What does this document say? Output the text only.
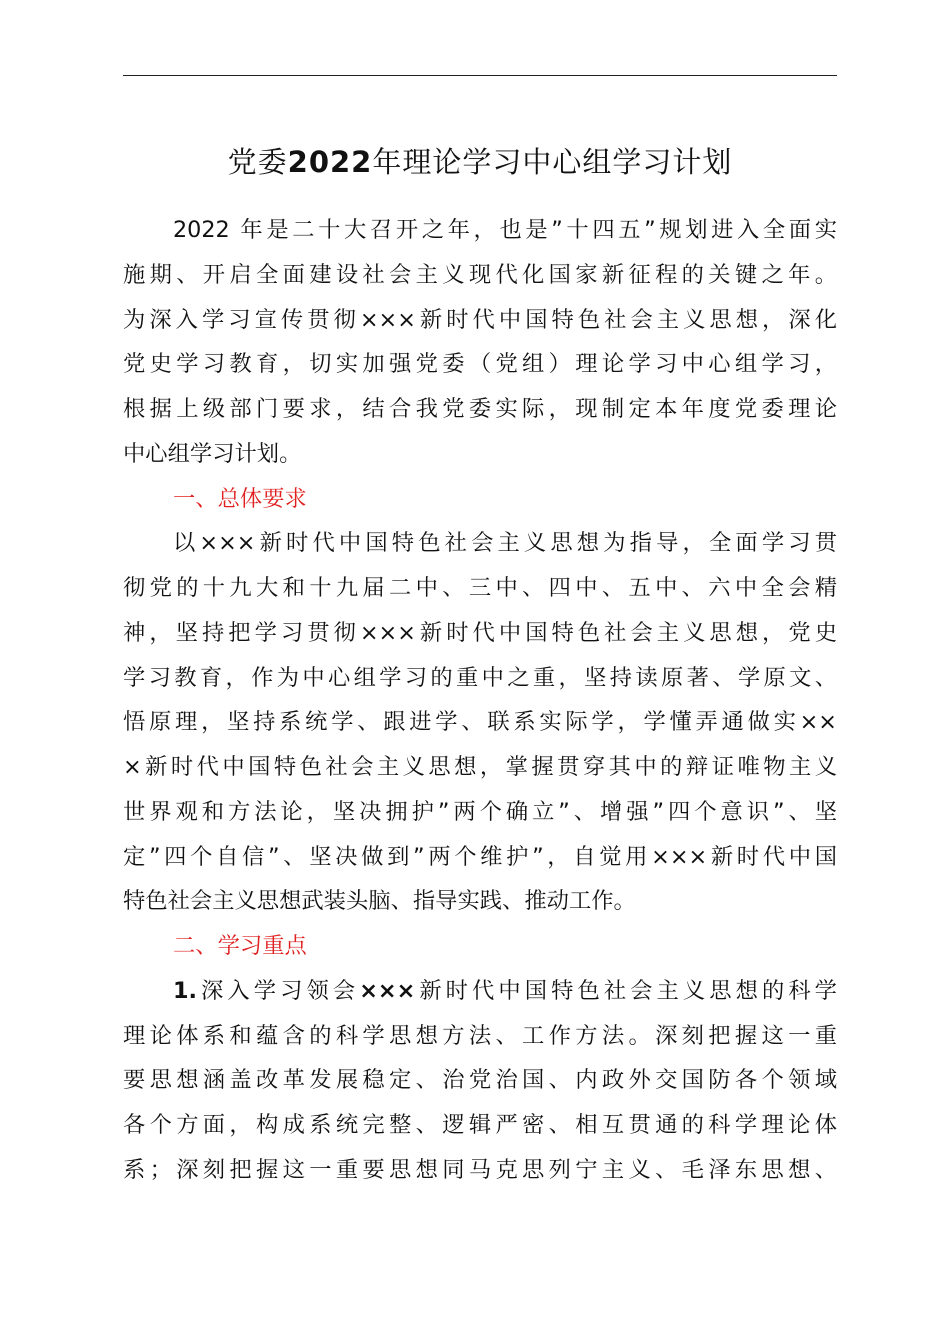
党委2022年理论学习中心组学习计划
2022 年是二十大召开之年，也是”十四五”规划进入全面实
施期、开启全面建设社会主义现代化国家新征程的关键之年。
为深入学习宣传贯彻×××新时代中国特色社会主义思想，深化
党史学习教育，切实加强党委（党组）理论学习中心组学习，
根据上级部门要求，结合我党委实际，现制定本年度党委理论
中心组学习计划。
一、总体要求
以×××新时代中国特色社会主义思想为指导，全面学习贯
彻党的十九大和十九届二中、三中、四中、五中、六中全会精
神，坚持把学习贯彻×××新时代中国特色社会主义思想，党史
学习教育，作为中心组学习的重中之重，坚持读原著、学原文、
悟原理，坚持系统学、跟进学、联系实际学，学懂弄通做实××
×新时代中国特色社会主义思想，掌握贯穿其中的辩证唯物主义
世界观和方法论，坚决拥护”两个确立”、增强”四个意识”、坚
定”四个自信”、坚决做到”两个维护”，自觉用×××新时代中国
特色社会主义思想武装头脑、指导实践、推动工作。
二、学习重点
1.深入学习领会×××新时代中国特色社会主义思想的科学
理论体系和蕴含的科学思想方法、工作方法。深刻把握这一重
要思想涵盖改革发展稳定、治党治国、内政外交国防各个领域
各个方面，构成系统完整、逻辑严密、相互贯通的科学理论体
系；深刻把握这一重要思想同马克思列宁主义、毛泽东思想、
